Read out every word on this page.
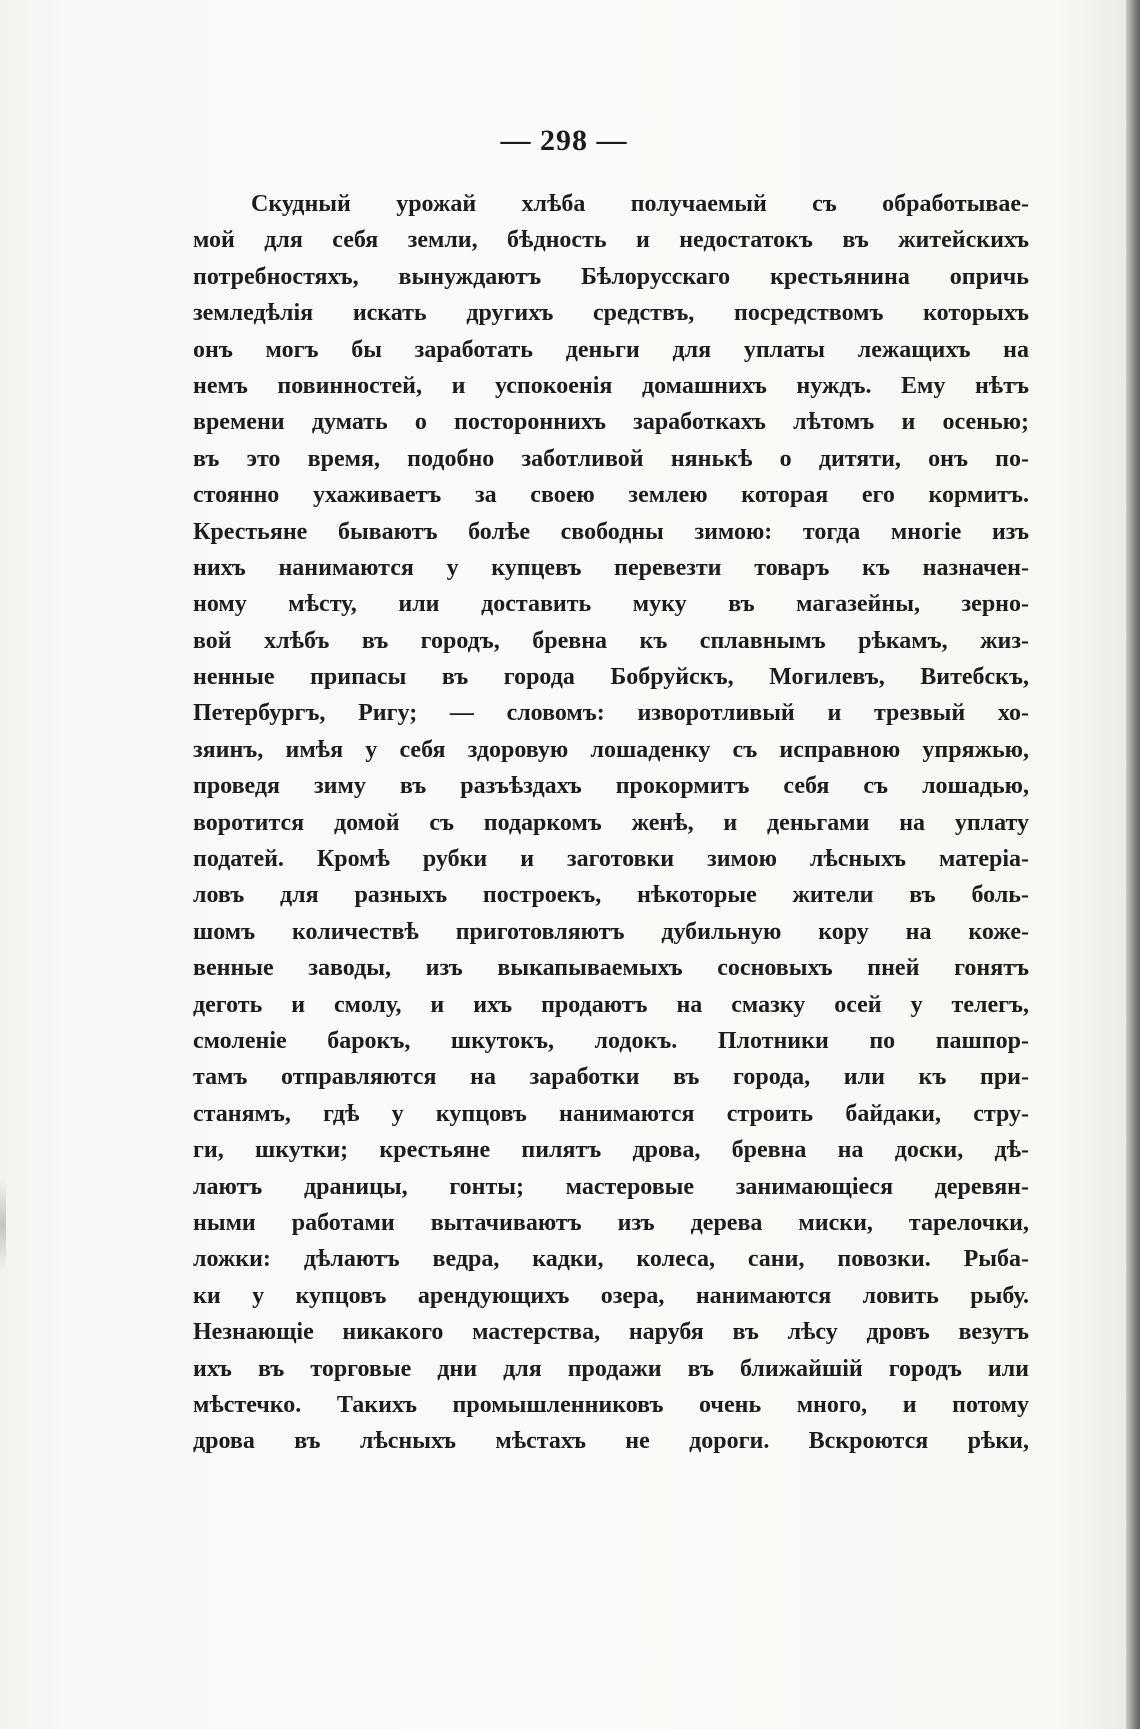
— 298 —
Скудный урожай хлѣба получаемый съ обработывае-
мой для себя земли, бѣдность и недостатокъ въ житейскихъ
потребностяхъ, вынуждаютъ Бѣлорусскаго крестьянина опричь
земледѣлія искать другихъ средствъ, посредствомъ которыхъ
онъ могъ бы заработать деньги для уплаты лежащихъ на
немъ повинностей, и успокоенія домашнихъ нуждъ. Ему нѣтъ
времени думать о постороннихъ заработкахъ лѣтомъ и осенью;
въ это время, подобно заботливой нянькѣ о дитяти, онъ по-
стоянно ухаживаетъ за своею землею которая его кормитъ.
Крестьяне бываютъ болѣе свободны зимою: тогда многіе изъ
нихъ нанимаются у купцевъ перевезти товаръ къ назначен-
ному мѣсту, или доставить муку въ магазейны, зерно-
вой хлѣбъ въ городъ, бревна къ сплавнымъ рѣкамъ, жиз-
ненные припасы въ города Бобруйскъ, Могилевъ, Витебскъ,
Петербургъ, Ригу; — словомъ: изворотливый и трезвый хо-
зяинъ, имѣя у себя здоровую лошаденку съ исправною упряжью,
проведя зиму въ разъѣздахъ прокормитъ себя съ лошадью,
воротится домой съ подаркомъ женѣ, и деньгами на уплату
податей. Кромѣ рубки и заготовки зимою лѣсныхъ матеріа-
ловъ для разныхъ построекъ, нѣкоторые жители въ боль-
шомъ количествѣ приготовляютъ дубильную кору на коже-
венные заводы, изъ выкапываемыхъ сосновыхъ пней гонятъ
деготь и смолу, и ихъ продаютъ на смазку осей у телегъ,
смоленіе барокъ, шкутокъ, лодокъ. Плотники по пашпор-
тамъ отправляются на заработки въ города, или къ при-
станямъ, гдѣ у купцовъ нанимаются строить байдаки, стру-
ги, шкутки; крестьяне пилятъ дрова, бревна на доски, дѣ-
лаютъ драницы, гонты; мастеровые занимающіеся деревян-
ными работами вытачиваютъ изъ дерева миски, тарелочки,
ложки: дѣлаютъ ведра, кадки, колеса, сани, повозки. Рыба-
ки у купцовъ арендующихъ озера, нанимаются ловить рыбу.
Незнающіе никакого мастерства, нарубя въ лѣсу дровъ везутъ
ихъ въ торговые дни для продажи въ ближайшій городъ или
мѣстечко. Такихъ промышленниковъ очень много, и потому
дрова въ лѣсныхъ мѣстахъ не дороги. Вскроются рѣки,
